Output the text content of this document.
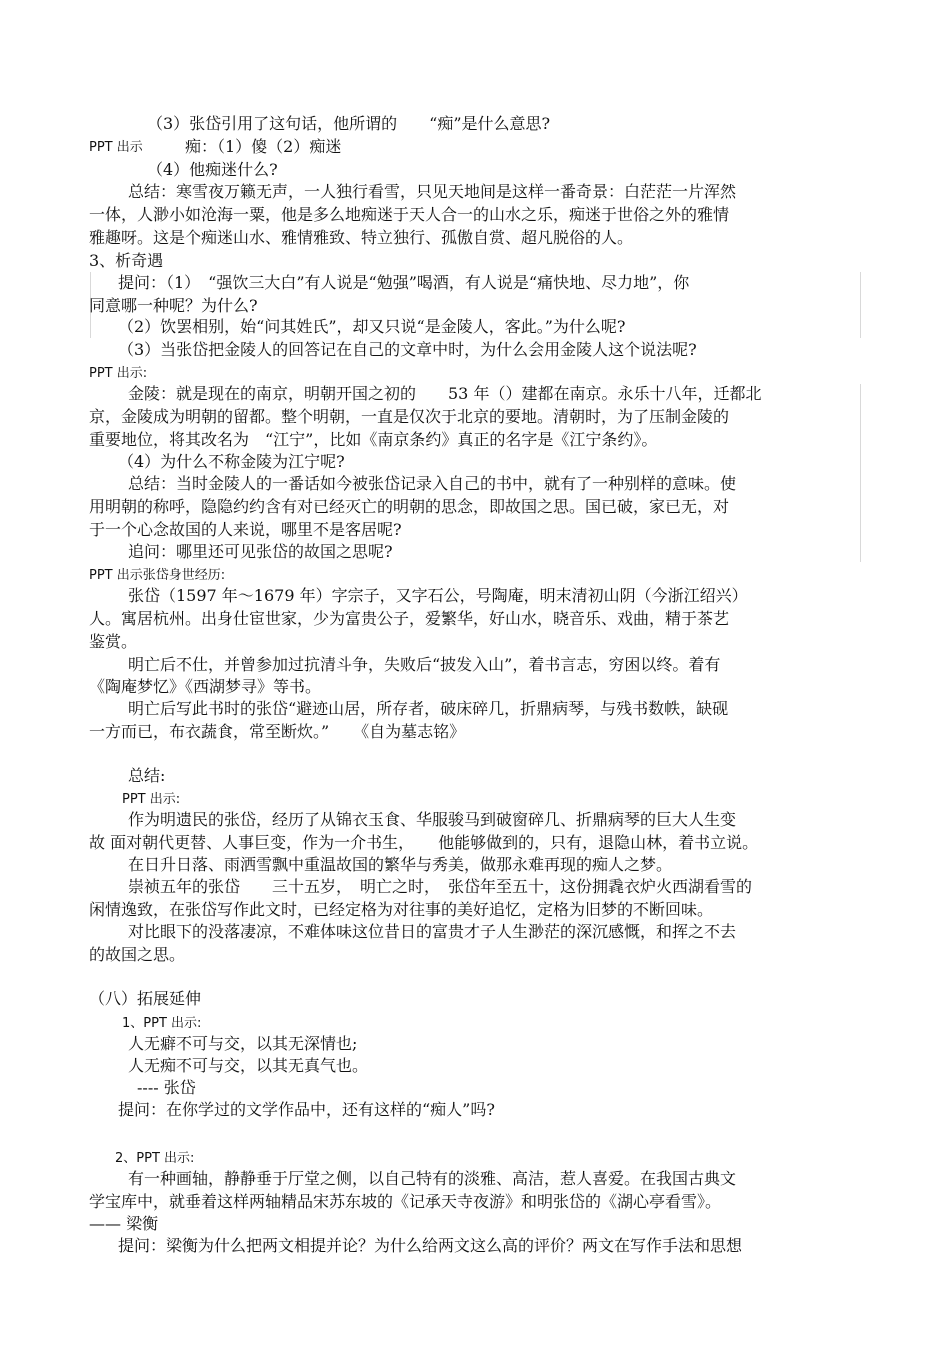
（3）张岱引用了这句话，他所谓的　　“痴”是什么意思?
PPT 出示	痴：（1）傻（2）痴迷
（4）他痴迷什么?
总结：寒雪夜万籁无声，一人独行看雪，只见天地间是这样一番奇景：白茫茫一片浑然
一体，人渺小如沧海一粟，他是多么地痴迷于天人合一的山水之乐，痴迷于世俗之外的雅情
雅趣呀。这是个痴迷山水、雅情雅致、特立独行、孤傲自赏、超凡脱俗的人。
3、析奇遇
提问：（1）　“强饮三大白”有人说是“勉强”喝酒，有人说是“痛快地、尽力地”，你
同意哪一种呢？为什么?
（2）饮罢相别，始“问其姓氏”，却又只说“是金陵人，客此。”为什么呢?
（3）当张岱把金陵人的回答记在自己的文章中时，为什么会用金陵人这个说法呢?
PPT 出示:
金陵：就是现在的南京，明朝开国之初的　　53 年（）建都在南京。永乐十八年，迁都北
京，金陵成为明朝的留都。整个明朝，一直是仅次于北京的要地。清朝时，为了压制金陵的
重要地位，将其改名为　“江宁”，比如《南京条约》真正的名字是《江宁条约》。
（4）为什么不称金陵为江宁呢?
总结：当时金陵人的一番话如今被张岱记录入自己的书中，就有了一种别样的意味。使
用明朝的称呼，隐隐约约含有对已经灭亡的明朝的思念，即故国之思。国已破，家已无，对
于一个心念故国的人来说，哪里不是客居呢?
追问：哪里还可见张岱的故国之思呢?
PPT 出示张岱身世经历:
张岱（1597 年～1679 年）字宗子，又字石公，号陶庵，明末清初山阴（今浙江绍兴）
人。寓居杭州。出身仕宦世家，少为富贵公子，爱繁华，好山水，晓音乐、戏曲，精于茶艺
鉴赏。
明亡后不仕，并曾参加过抗清斗争，失败后“披发入山”，着书言志，穷困以终。着有
《陶庵梦忆》《西湖梦寻》等书。
明亡后写此书时的张岱“避迹山居，所存者，破床碎几，折鼎病琴，与残书数帙，缺砚
一方而已，布衣蔬食，常至断炊。”　　《自为墓志铭》
总结:
PPT 出示:
作为明遗民的张岱，经历了从锦衣玉食、华服骏马到破窗碎几、折鼎病琴的巨大人生变
故 面对朝代更替、人事巨变，作为一介书生，　　他能够做到的，只有，退隐山林，着书立说。
在日升日落、雨洒雪飘中重温故国的繁华与秀美，做那永难再现的痴人之梦。
崇祯五年的张岱　　三十五岁，　明亡之时，　张岱年至五十，这份拥毳衣炉火西湖看雪的
闲情逸致，在张岱写作此文时，已经定格为对往事的美好追忆，定格为旧梦的不断回味。
对比眼下的没落凄凉，不难体味这位昔日的富贵才子人生渺茫的深沉感慨，和挥之不去
的故国之思。
（八）拓展延伸
1、PPT 出示:
人无癖不可与交，以其无深情也;
人无痴不可与交，以其无真气也。
---- 张岱
提问：在你学过的文学作品中，还有这样的“痴人”吗?
2、PPT 出示:
有一种画轴，静静垂于厅堂之侧，以自己特有的淡雅、高洁，惹人喜爱。在我国古典文
学宝库中，就垂着这样两轴精品宋苏东坡的《记承天寺夜游》和明张岱的《湖心亭看雪》。
—— 梁衡
提问：梁衡为什么把两文相提并论？为什么给两文这么高的评价？两文在写作手法和思想
